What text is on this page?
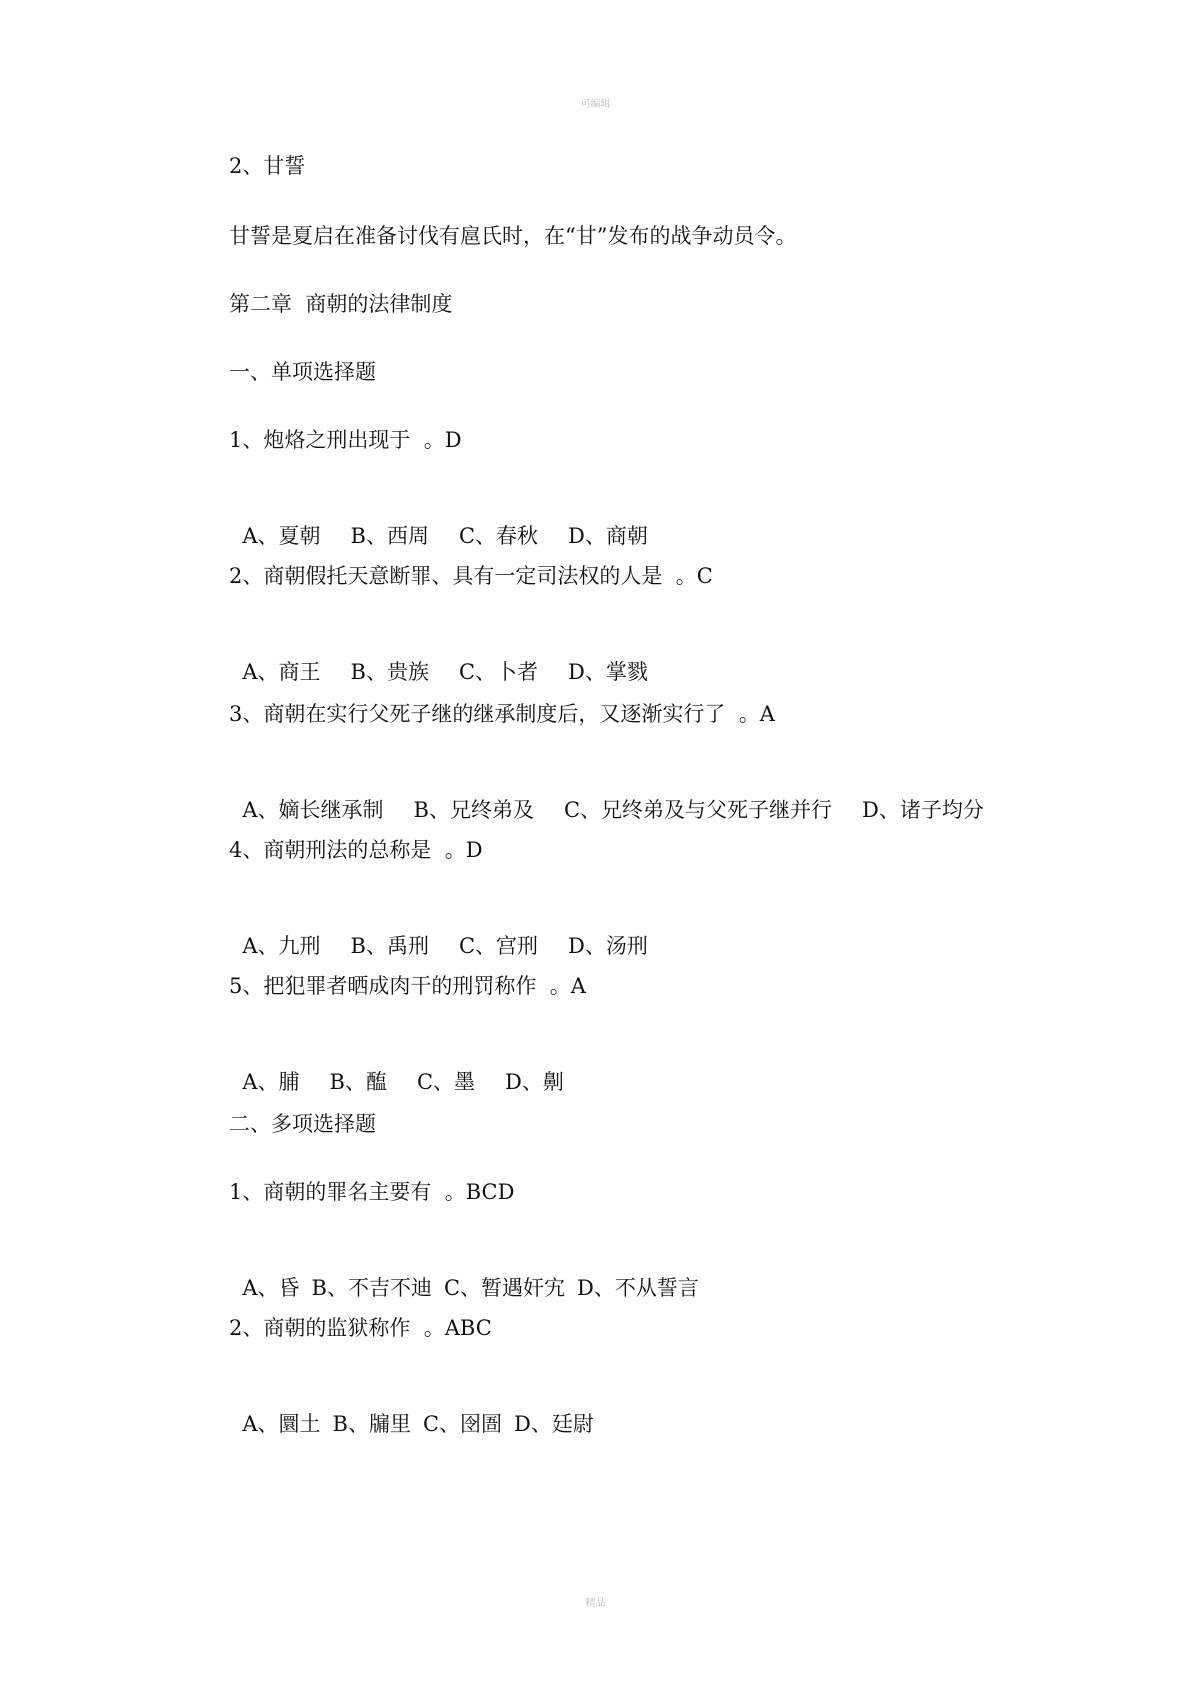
可编辑
2、甘誓
甘誓是夏启在准备讨伐有扈氏时，在“甘”发布的战争动员令。
第二章  商朝的法律制度
一、单项选择题
1、炮烙之刑出现于  。D

A、夏朝 B、西周 C、春秋 D、商朝

2、商朝假托天意断罪、具有一定司法权的人是  。C

A、商王 B、贵族 C、卜者 D、掌戮

3、商朝在实行父死子继的继承制度后，又逐渐实行了  。A

A、嫡长继承制 B、兄终弟及 C、兄终弟及与父死子继并行 D、诸子均分

4、商朝刑法的总称是  。D

A、九刑 B、禹刑 C、宫刑 D、汤刑

5、把犯罪者晒成肉干的刑罚称作  。A

A、脯 B、醢 C、墨 D、劓

二、多项选择题
1、商朝的罪名主要有  。BCD

A、昏 B、不吉不迪 C、暂遇奸宄 D、不从誓言

2、商朝的监狱称作  。ABC

A、圜土 B、牖里 C、囹圄 D、廷尉

精品
